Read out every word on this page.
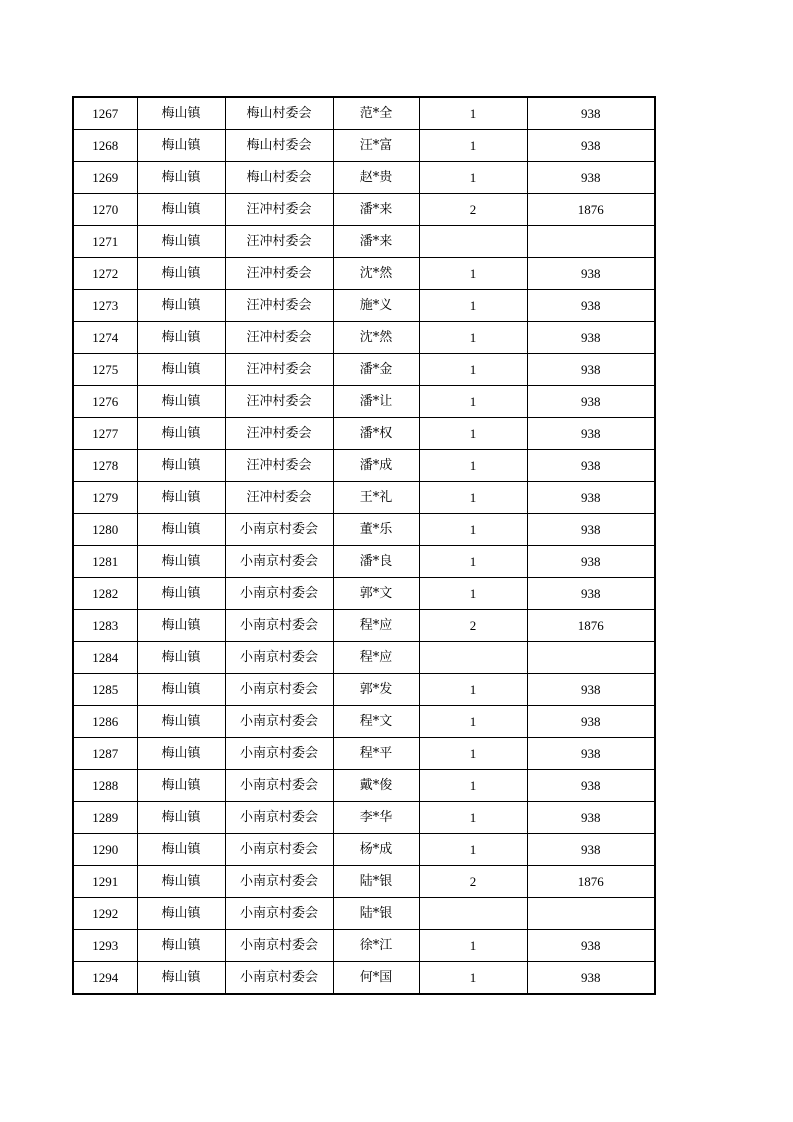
1267	梅山镇	梅山村委会	范*全	1	938
1268	梅山镇	梅山村委会	汪*富	1	938
1269	梅山镇	梅山村委会	赵*贵	1	938
1270	梅山镇	汪冲村委会	潘*来	2	1876
1271	梅山镇	汪冲村委会	潘*来		
1272	梅山镇	汪冲村委会	沈*然	1	938
1273	梅山镇	汪冲村委会	施*义	1	938
1274	梅山镇	汪冲村委会	沈*然	1	938
1275	梅山镇	汪冲村委会	潘*金	1	938
1276	梅山镇	汪冲村委会	潘*让	1	938
1277	梅山镇	汪冲村委会	潘*权	1	938
1278	梅山镇	汪冲村委会	潘*成	1	938
1279	梅山镇	汪冲村委会	王*礼	1	938
1280	梅山镇	小南京村委会	董*乐	1	938
1281	梅山镇	小南京村委会	潘*良	1	938
1282	梅山镇	小南京村委会	郭*文	1	938
1283	梅山镇	小南京村委会	程*应	2	1876
1284	梅山镇	小南京村委会	程*应		
1285	梅山镇	小南京村委会	郭*发	1	938
1286	梅山镇	小南京村委会	程*文	1	938
1287	梅山镇	小南京村委会	程*平	1	938
1288	梅山镇	小南京村委会	戴*俊	1	938
1289	梅山镇	小南京村委会	李*华	1	938
1290	梅山镇	小南京村委会	杨*成	1	938
1291	梅山镇	小南京村委会	陆*银	2	1876
1292	梅山镇	小南京村委会	陆*银		
1293	梅山镇	小南京村委会	徐*江	1	938
1294	梅山镇	小南京村委会	何*国	1	938
